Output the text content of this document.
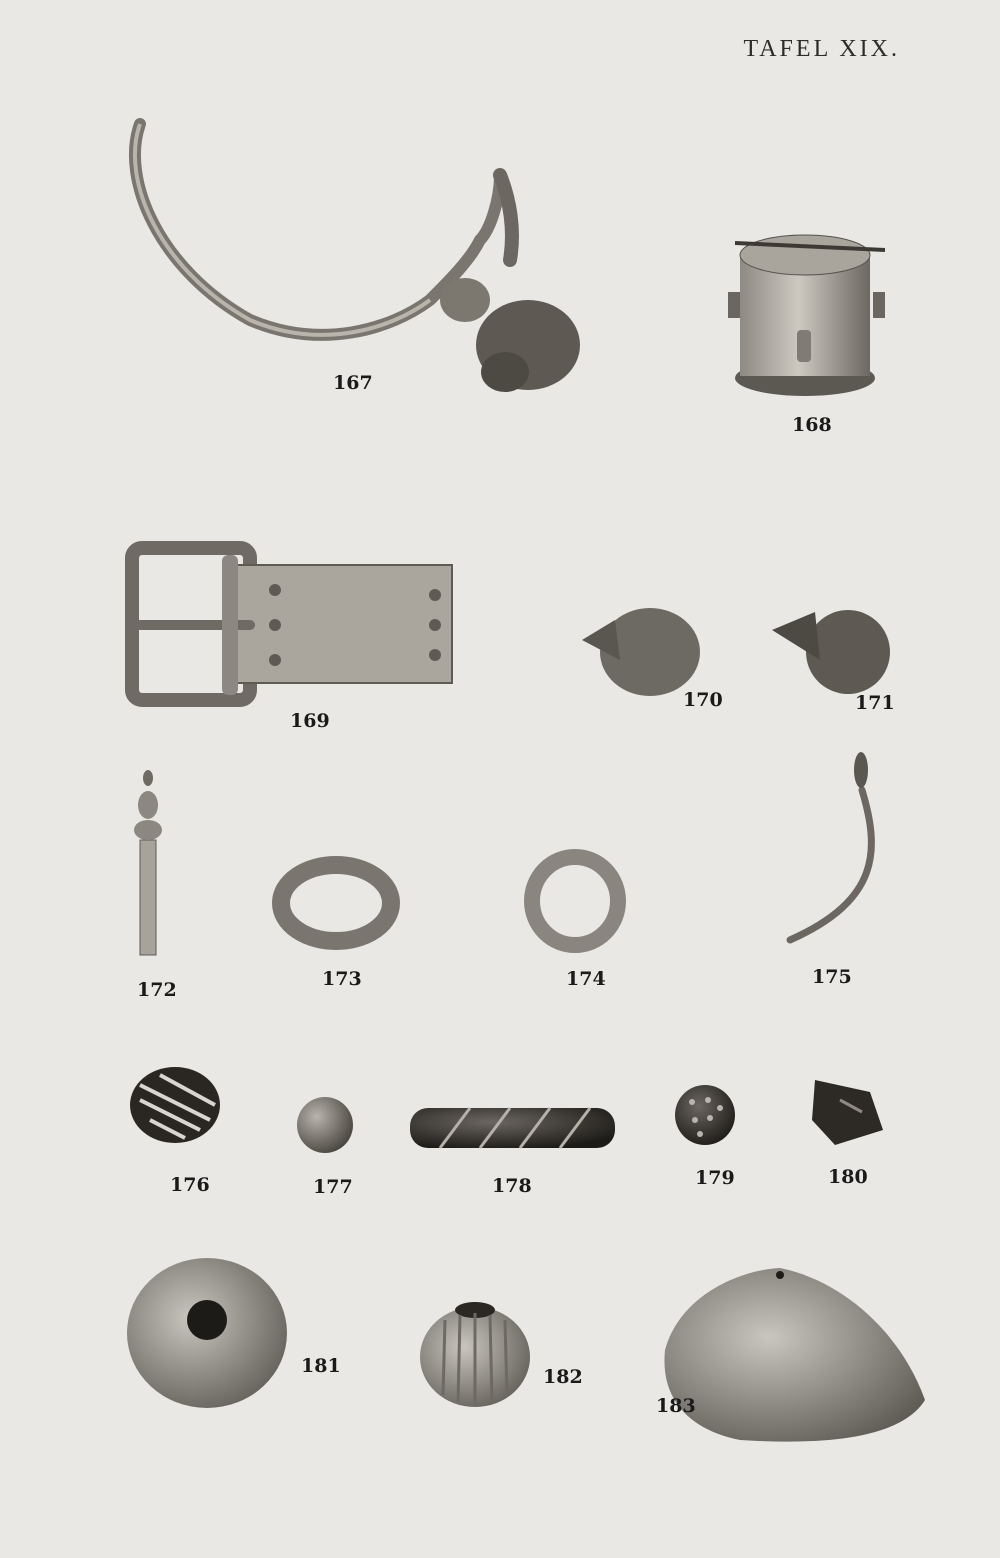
TAFEL XIX.
167
168
169
170	171
172	173	174	175
176	177	178	179	180
181	182
183
